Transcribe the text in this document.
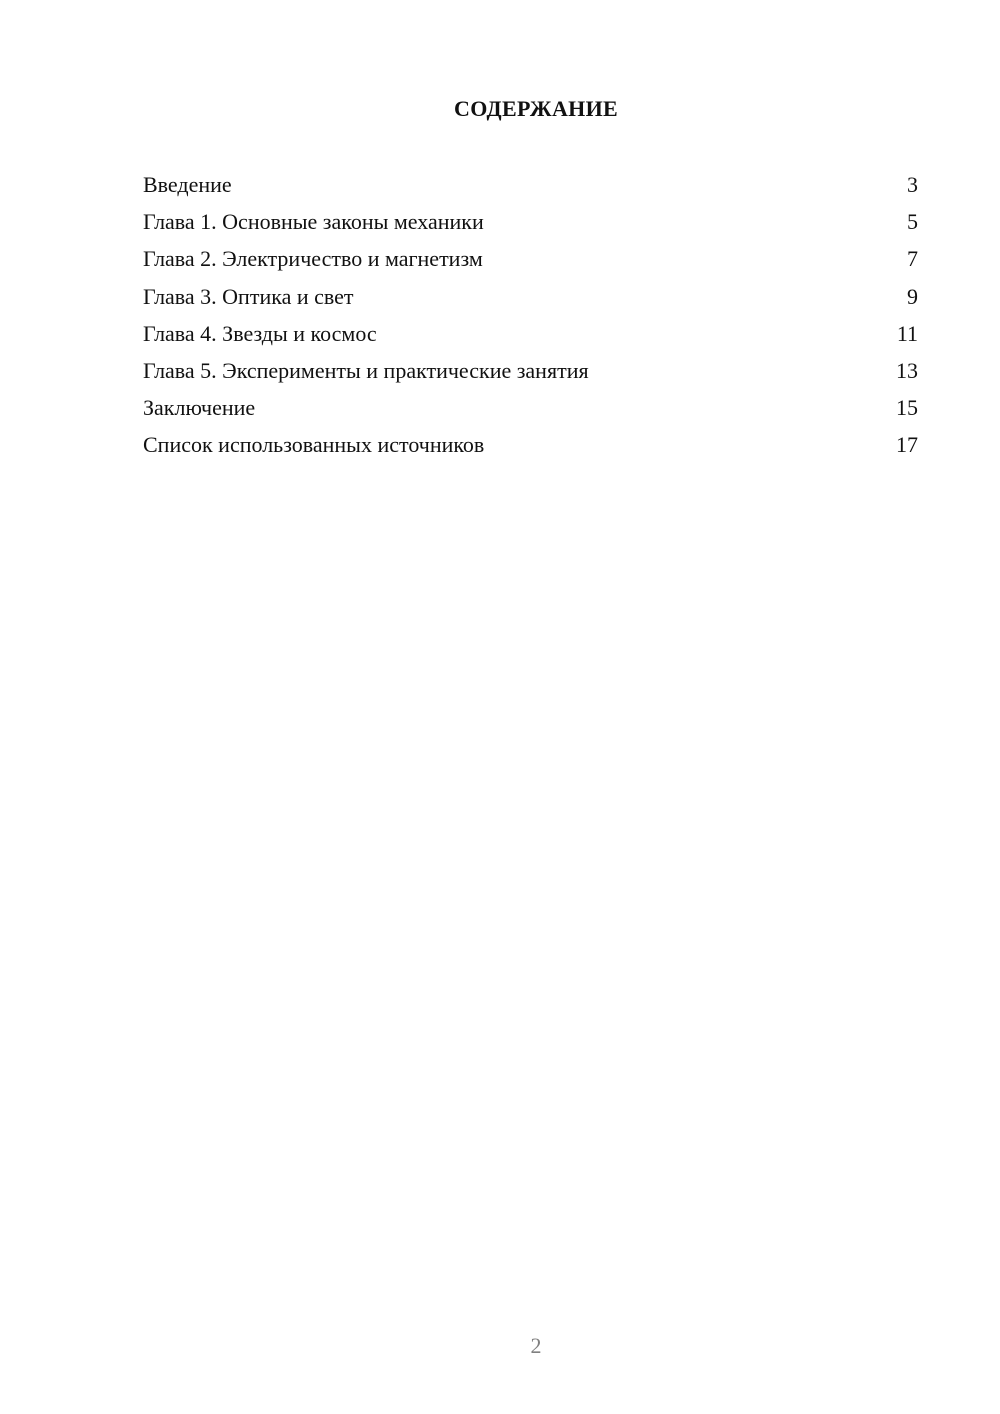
СОДЕРЖАНИЕ
Введение	3
Глава 1. Основные законы механики	5
Глава 2. Электричество и магнетизм	7
Глава 3. Оптика и свет	9
Глава 4. Звезды и космос	11
Глава 5. Эксперименты и практические занятия	13
Заключение	15
Список использованных источников	17
2
